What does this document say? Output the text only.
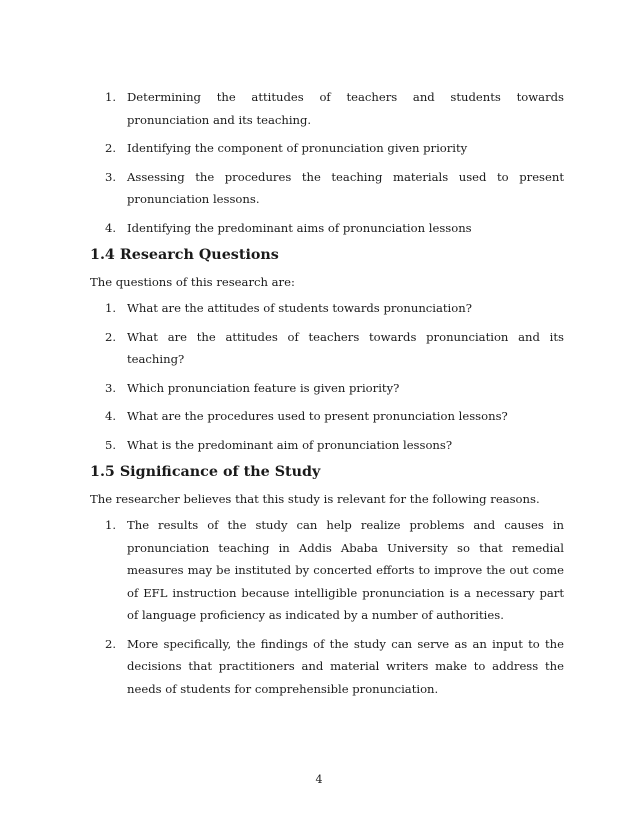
1. Determining the attitudes of teachers and students towards pronunciation and its teaching.
2. Identifying the component of pronunciation given priority
3. Assessing the procedures the teaching materials used to present pronunciation lessons.
4. Identifying the predominant aims of pronunciation lessons
1.4 Research Questions
The questions of this research are:
1. What are the attitudes of students towards pronunciation?
2. What are the attitudes of teachers towards pronunciation and its teaching?
3. Which pronunciation feature is given priority?
4. What are the procedures used to present pronunciation lessons?
5. What is the predominant aim of pronunciation lessons?
1.5 Significance of the Study
The researcher believes that this study is relevant for the following reasons.
1. The results of the study can help realize problems and causes in pronunciation teaching in Addis Ababa University so that remedial measures may be instituted by concerted efforts to improve the out come of EFL instruction because intelligible pronunciation is a necessary part of language proficiency as indicated by a number of authorities.
2. More specifically, the findings of the study can serve as an input to the decisions that practitioners and material writers make to address the needs of students for comprehensible pronunciation.
4
